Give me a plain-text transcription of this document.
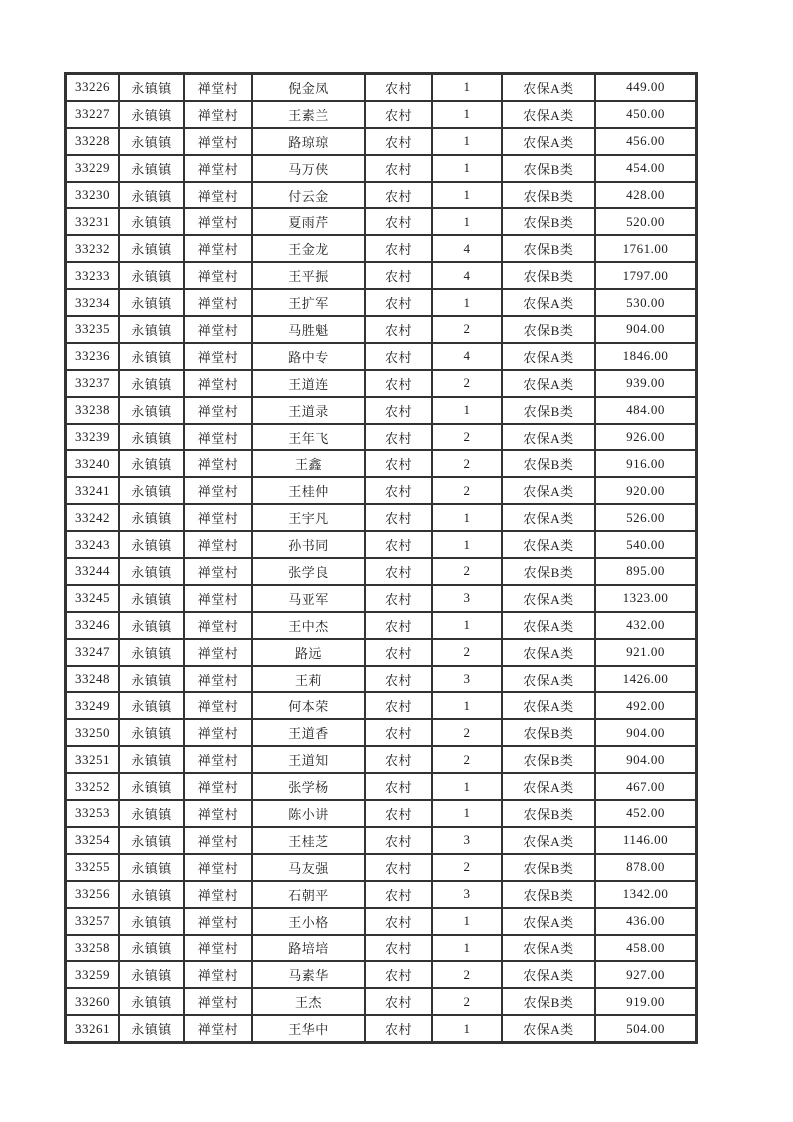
33226	永镇镇	禅堂村	倪金凤	农村	1	农保A类	449.00
33227	永镇镇	禅堂村	王素兰	农村	1	农保A类	450.00
33228	永镇镇	禅堂村	路琼琼	农村	1	农保A类	456.00
33229	永镇镇	禅堂村	马万侠	农村	1	农保B类	454.00
33230	永镇镇	禅堂村	付云金	农村	1	农保B类	428.00
33231	永镇镇	禅堂村	夏雨芹	农村	1	农保B类	520.00
33232	永镇镇	禅堂村	王金龙	农村	4	农保B类	1761.00
33233	永镇镇	禅堂村	王平振	农村	4	农保B类	1797.00
33234	永镇镇	禅堂村	王扩军	农村	1	农保A类	530.00
33235	永镇镇	禅堂村	马胜魁	农村	2	农保B类	904.00
33236	永镇镇	禅堂村	路中专	农村	4	农保A类	1846.00
33237	永镇镇	禅堂村	王道连	农村	2	农保A类	939.00
33238	永镇镇	禅堂村	王道录	农村	1	农保B类	484.00
33239	永镇镇	禅堂村	王年飞	农村	2	农保A类	926.00
33240	永镇镇	禅堂村	王鑫	农村	2	农保B类	916.00
33241	永镇镇	禅堂村	王桂仲	农村	2	农保A类	920.00
33242	永镇镇	禅堂村	王宇凡	农村	1	农保A类	526.00
33243	永镇镇	禅堂村	孙书同	农村	1	农保A类	540.00
33244	永镇镇	禅堂村	张学良	农村	2	农保B类	895.00
33245	永镇镇	禅堂村	马亚军	农村	3	农保A类	1323.00
33246	永镇镇	禅堂村	王中杰	农村	1	农保A类	432.00
33247	永镇镇	禅堂村	路远	农村	2	农保A类	921.00
33248	永镇镇	禅堂村	王莉	农村	3	农保A类	1426.00
33249	永镇镇	禅堂村	何本荣	农村	1	农保A类	492.00
33250	永镇镇	禅堂村	王道香	农村	2	农保B类	904.00
33251	永镇镇	禅堂村	王道知	农村	2	农保B类	904.00
33252	永镇镇	禅堂村	张学杨	农村	1	农保A类	467.00
33253	永镇镇	禅堂村	陈小讲	农村	1	农保B类	452.00
33254	永镇镇	禅堂村	王桂芝	农村	3	农保A类	1146.00
33255	永镇镇	禅堂村	马友强	农村	2	农保B类	878.00
33256	永镇镇	禅堂村	石朝平	农村	3	农保B类	1342.00
33257	永镇镇	禅堂村	王小格	农村	1	农保A类	436.00
33258	永镇镇	禅堂村	路培培	农村	1	农保A类	458.00
33259	永镇镇	禅堂村	马素华	农村	2	农保A类	927.00
33260	永镇镇	禅堂村	王杰	农村	2	农保B类	919.00
33261	永镇镇	禅堂村	王华中	农村	1	农保A类	504.00
